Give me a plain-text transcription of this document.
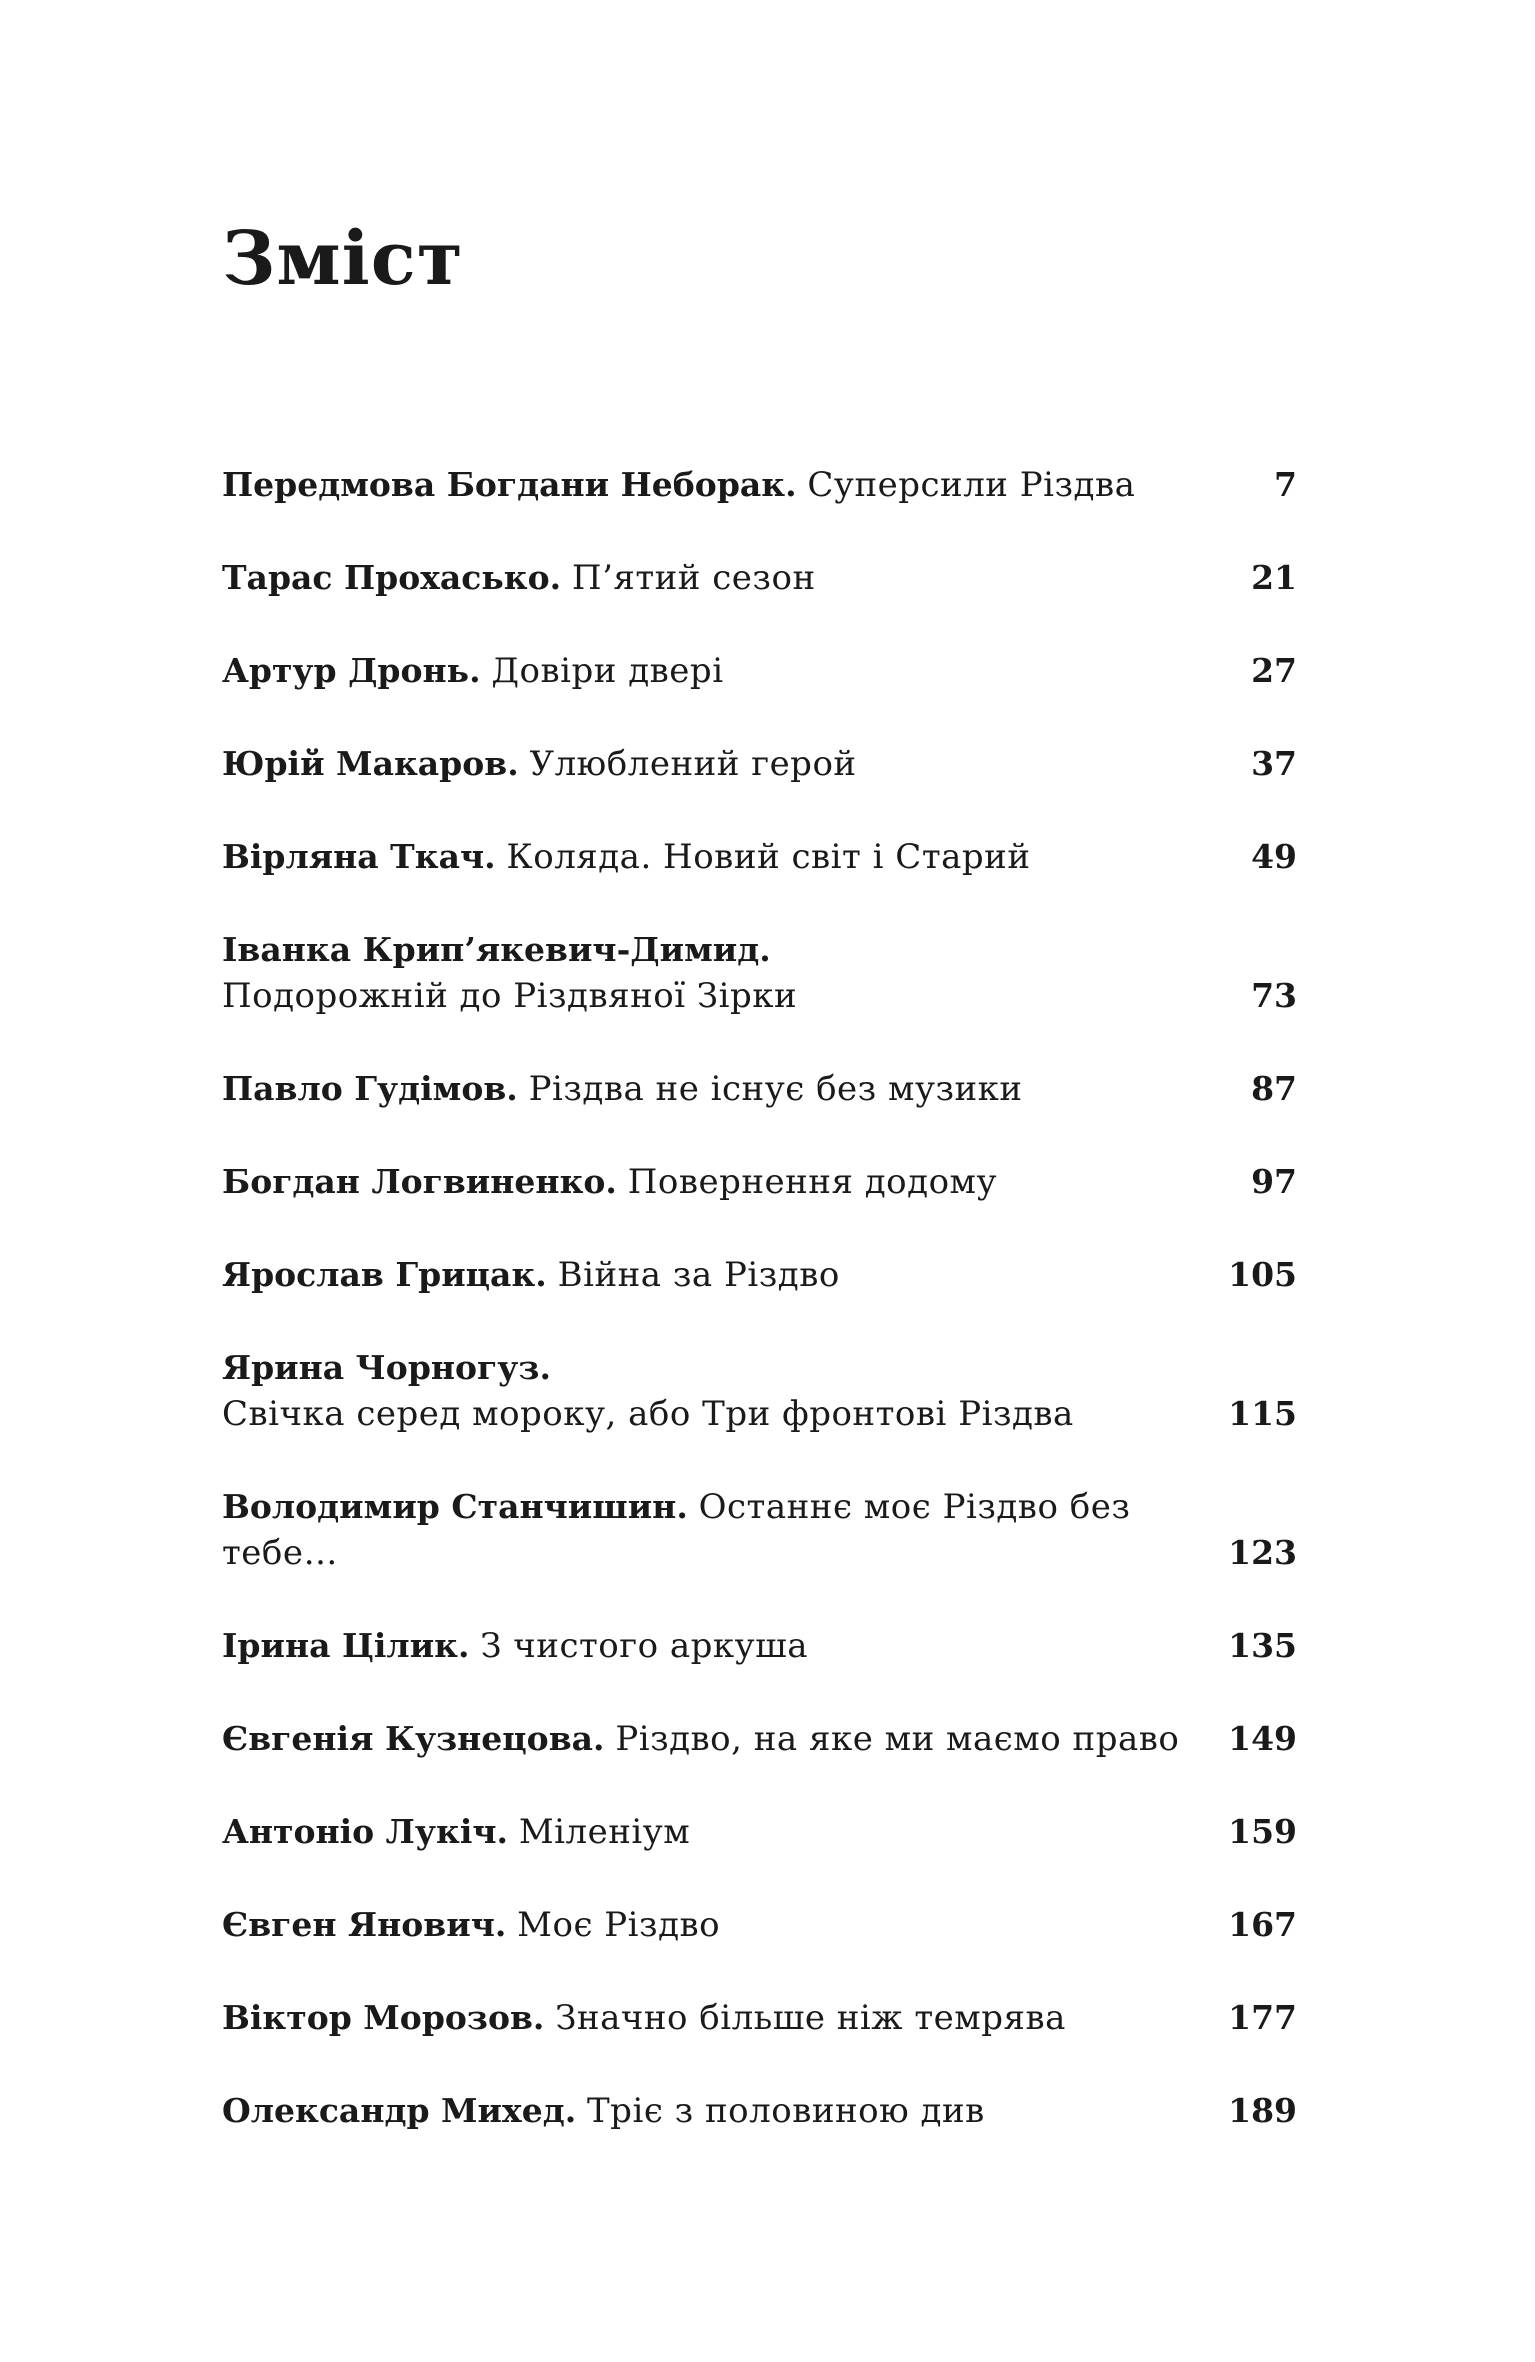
Зміст
Передмова Богдани Неборак. Суперсили Різдва	7
Тарас Прохасько. П’ятий сезон	21
Артур Дронь. Довіри двері	27
Юрій Макаров. Улюблений герой	37
Вірляна Ткач. Коляда. Новий світ і Старий	49
Іванка Крип’якевич-Димид.
Подорожній до Різдвяної Зірки	73
Павло Гудімов. Різдва не існує без музики	87
Богдан Логвиненко. Повернення додому	97
Ярослав Грицак. Війна за Різдво	105
Ярина Чорногуз.
Свічка серед мороку, або Три фронтові Різдва	115
Володимир Станчишин. Останнє моє Різдво без тебе…	123
Ірина Цілик. З чистого аркуша	135
Євгенія Кузнецова. Різдво, на яке ми маємо право	149
Антоніо Лукіч. Міленіум	159
Євген Янович. Моє Різдво	167
Віктор Морозов. Значно більше ніж темрява	177
Олександр Михед. Тріє з половиною див	189
